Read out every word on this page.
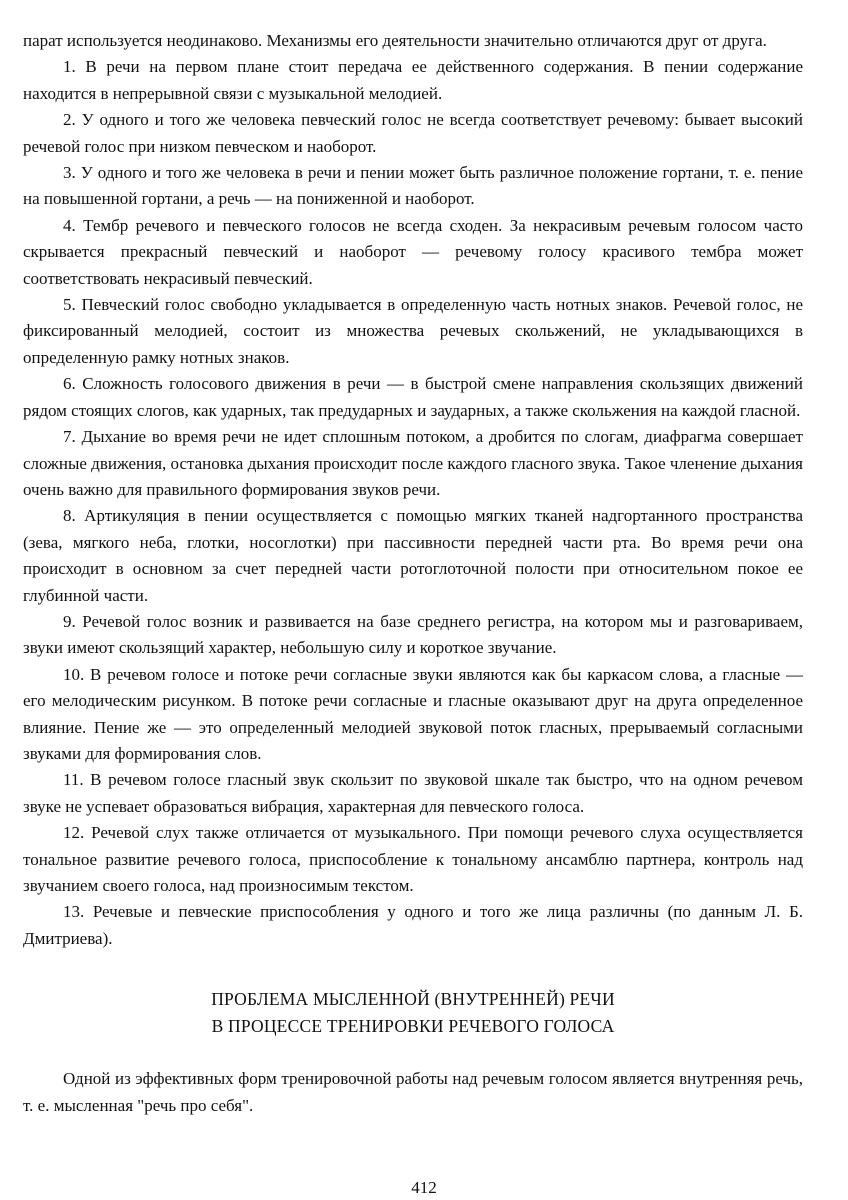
парат используется неодинаково. Механизмы его деятельности значительно отличаются друг от друга.

1. В речи на первом плане стоит передача ее действенного содержания. В пении содержание находится в непрерывной связи с музыкальной мелодией.

2. У одного и того же человека певческий голос не всегда соответствует речевому: бывает высокий речевой голос при низком певческом и наоборот.

3. У одного и того же человека в речи и пении может быть различное положение гортани, т. е. пение на повышенной гортани, а речь — на пониженной и наоборот.

4. Тембр речевого и певческого голосов не всегда сходен. За некрасивым речевым голосом часто скрывается прекрасный певческий и наоборот — речевому голосу красивого тембра может соответствовать некрасивый певческий.

5. Певческий голос свободно укладывается в определенную часть нотных знаков. Речевой голос, не фиксированный мелодией, состоит из множества речевых скольжений, не укладывающихся в определенную рамку нотных знаков.

6. Сложность голосового движения в речи — в быстрой смене направления скользящих движений рядом стоящих слогов, как ударных, так предударных и заударных, а также скольжения на каждой гласной.

7. Дыхание во время речи не идет сплошным потоком, а дробится по слогам, диафрагма совершает сложные движения, остановка дыхания происходит после каждого гласного звука. Такое членение дыхания очень важно для правильного формирования звуков речи.

8. Артикуляция в пении осуществляется с помощью мягких тканей надгортанного пространства (зева, мягкого неба, глотки, носоглотки) при пассивности передней части рта. Во время речи она происходит в основном за счет передней части ротоглоточной полости при относительном покое ее глубинной части.

9. Речевой голос возник и развивается на базе среднего регистра, на котором мы и разговариваем, звуки имеют скользящий характер, небольшую силу и короткое звучание.

10. В речевом голосе и потоке речи согласные звуки являются как бы каркасом слова, а гласные — его мелодическим рисунком. В потоке речи согласные и гласные оказывают друг на друга определенное влияние. Пение же — это определенный мелодией звуковой поток гласных, прерываемый согласными звуками для формирования слов.

11. В речевом голосе гласный звук скользит по звуковой шкале так быстро, что на одном речевом звуке не успевает образоваться вибрация, характерная для певческого голоса.

12. Речевой слух также отличается от музыкального. При помощи речевого слуха осуществляется тональное развитие речевого голоса, приспособление к тональному ансамблю партнера, контроль над звучанием своего голоса, над произносимым текстом.

13. Речевые и певческие приспособления у одного и того же лица различны (по данным Л. Б. Дмитриева).

ПРОБЛЕМА МЫСЛЕННОЙ (ВНУТРЕННЕЙ) РЕЧИ
В ПРОЦЕССЕ ТРЕНИРОВКИ РЕЧЕВОГО ГОЛОСА

Одной из эффективных форм тренировочной работы над речевым голосом является внутренняя речь, т. е. мысленная "речь про себя".

412
